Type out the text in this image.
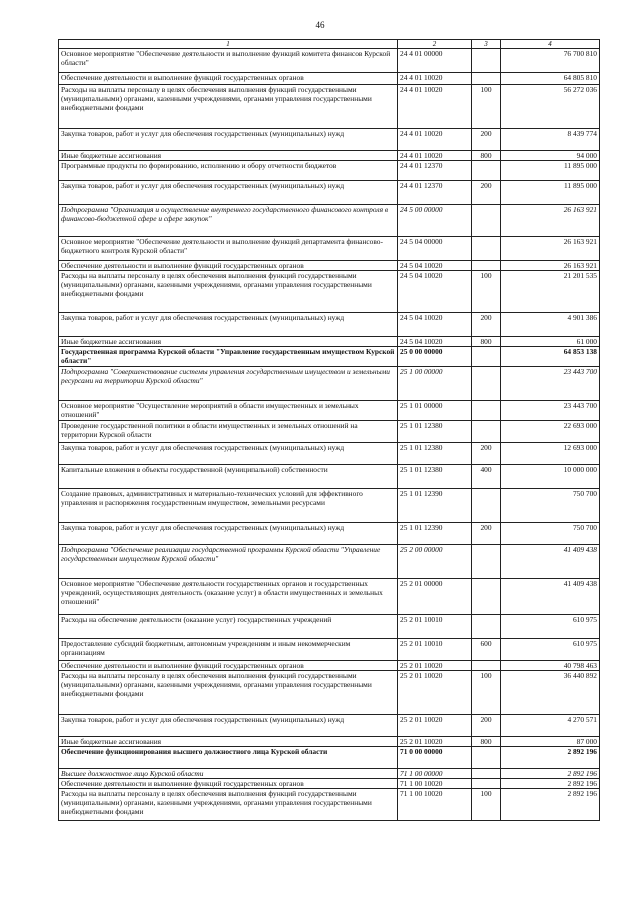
46
1	2	3	4
Основное мероприятие "Обеспечение деятельности и выполнение функций комитета финансов Курской области"	24 4 01 00000		76 700 810
Обеспечение деятельности и выполнение функций государственных органов	24 4 01 10020		64 805 810
Расходы на выплаты персоналу в целях обеспечения выполнения функций государственными (муниципальными) органами, казенными учреждениями, органами управления государственными внебюджетными фондами	24 4 01 10020	100	56 272 036
Закупка товаров, работ и услуг для обеспечения государственных (муниципальных) нужд	24 4 01 10020	200	8 439 774
Иные бюджетные ассигнования	24 4 01 10020	800	94 000
Программные продукты по формированию, исполнению и обору отчетности бюджетов	24 4 01 12370		11 895 000
Закупка товаров, работ и услуг для обеспечения государственных (муниципальных) нужд	24 4 01 12370	200	11 895 000
Подпрограмма "Организация и осуществление внутреннего государственного финансового контроля в финансово-бюджетной сфере и сфере закупок"	24 5 00 00000		26 163 921
Основное мероприятие "Обеспечение деятельности и выполнение функций департамента финансово-бюджетного контроля Курской области"	24 5 04 00000		26 163 921
Обеспечение деятельности и выполнение функций государственных органов	24 5 04 10020		26 163 921
Расходы на выплаты персоналу в целях обеспечения выполнения функций государственными (муниципальными) органами, казенными учреждениями, органами управления государственными внебюджетными фондами	24 5 04 10020	100	21 201 535
Закупка товаров, работ и услуг для обеспечения государственных (муниципальных) нужд	24 5 04 10020	200	4 901 386
Иные бюджетные ассигнования	24 5 04 10020	800	61 000
Государственная программа Курской области "Управление государственным имуществом Курской области"	25 0 00 00000		64 853 138
Подпрограмма "Совершенствование системы управления государственным имуществом и земельными ресурсами на территории Курской области"	25 1 00 00000		23 443 700
Основное мероприятие "Осуществление мероприятий в области имущественных и земельных отношений"	25 1 01 00000		23 443 700
Проведение государственной политики в области имущественных и земельных отношений на территории Курской области	25 1 01 12380		22 693 000
Закупка товаров, работ и услуг для обеспечения государственных (муниципальных) нужд	25 1 01 12380	200	12 693 000
Капитальные вложения в объекты государственной (муниципальной) собственности	25 1 01 12380	400	10 000 000
Создание правовых, административных и материально-технических условий для эффективного управления и распоряжения государственным имуществом, земельными ресурсами	25 1 01 12390		750 700
Закупка товаров, работ и услуг для обеспечения государственных (муниципальных) нужд	25 1 01 12390	200	750 700
Подпрограмма "Обеспечение реализации государственной программы Курской области "Управление государственным имуществом Курской области"	25 2 00 00000		41 409 438
Основное мероприятие "Обеспечение деятельности государственных органов и государственных учреждений, осуществляющих деятельность (оказание услуг) в области имущественных и земельных отношений"	25 2 01 00000		41 409 438
Расходы на обеспечение деятельности (оказание услуг) государственных учреждений	25 2 01 10010		610 975
Предоставление субсидий бюджетным, автономным учреждениям и иным некоммерческим организациям	25 2 01 10010	600	610 975
Обеспечение деятельности и выполнение функций государственных органов	25 2 01 10020		40 798 463
Расходы на выплаты персоналу в целях обеспечения выполнения функций государственными (муниципальными) органами, казенными учреждениями, органами управления государственными внебюджетными фондами	25 2 01 10020	100	36 440 892
Закупка товаров, работ и услуг для обеспечения государственных (муниципальных) нужд	25 2 01 10020	200	4 270 571
Иные бюджетные ассигнования	25 2 01 10020	800	87 000
Обеспечение функционирования высшего должностного лица Курской области	71 0 00 00000		2 892 196
Высшее должностное лицо Курской области	71 1 00 00000		2 892 196
Обеспечение деятельности и выполнение функций государственных органов	71 1 00 10020		2 892 196
Расходы на выплаты персоналу в целях обеспечения выполнения функций государственными (муниципальными) органами, казенными учреждениями, органами управления государственными внебюджетными фондами	71 1 00 10020	100	2 892 196
